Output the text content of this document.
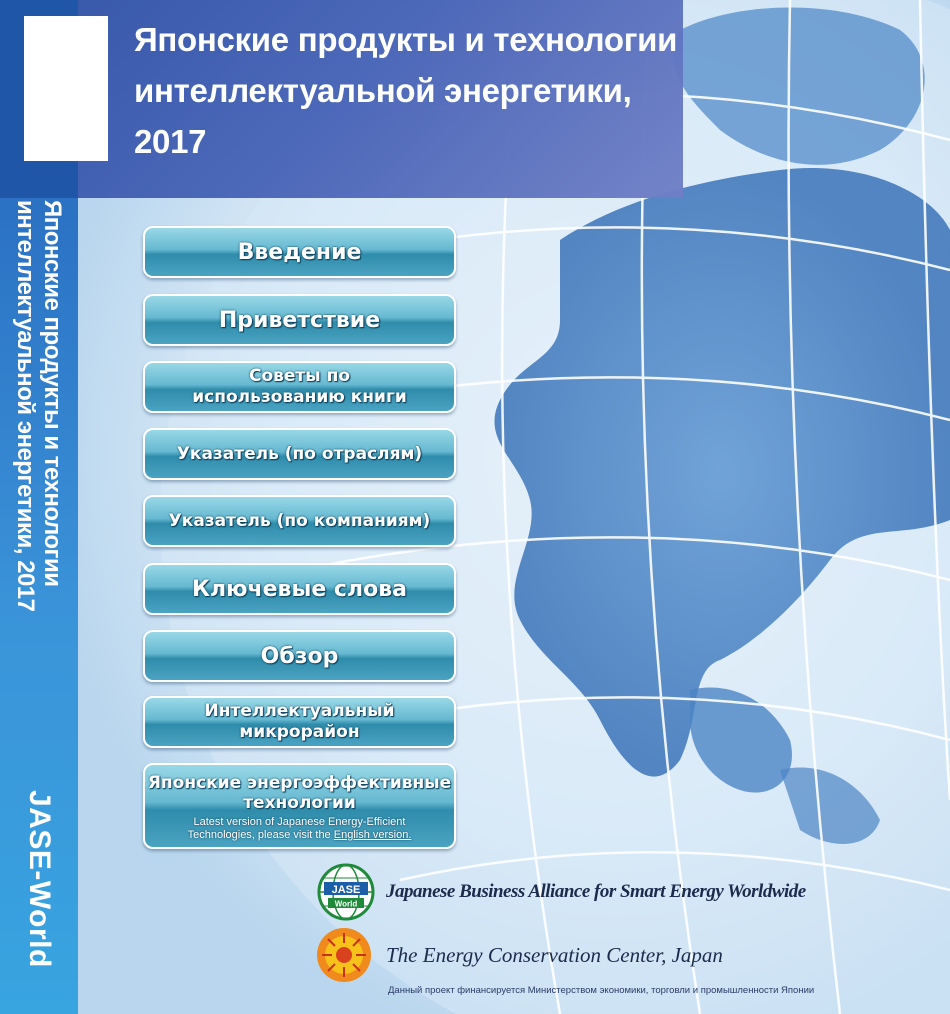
Японские продукты и технологии
интеллектуальной энергетики, 2017
JASE-World
Японские продукты и технологии
интеллектуальной энергетики,
2017
Введение
Приветствие
Советы по
использованию книги
Указатель (по отраслям)
Указатель (по компаниям)
Ключевые слова
Обзор
Интеллектуальный
микрорайон
Японские энергоэффективные
технологии
Latest version of Japanese Energy-Efficient
Technologies, please visit the English version.
JASE
World
Japanese Business Alliance for Smart Energy Worldwide
The Energy Conservation Center, Japan
Данный проект финансируется Министерством экономики, торговли и промышленности Японии
